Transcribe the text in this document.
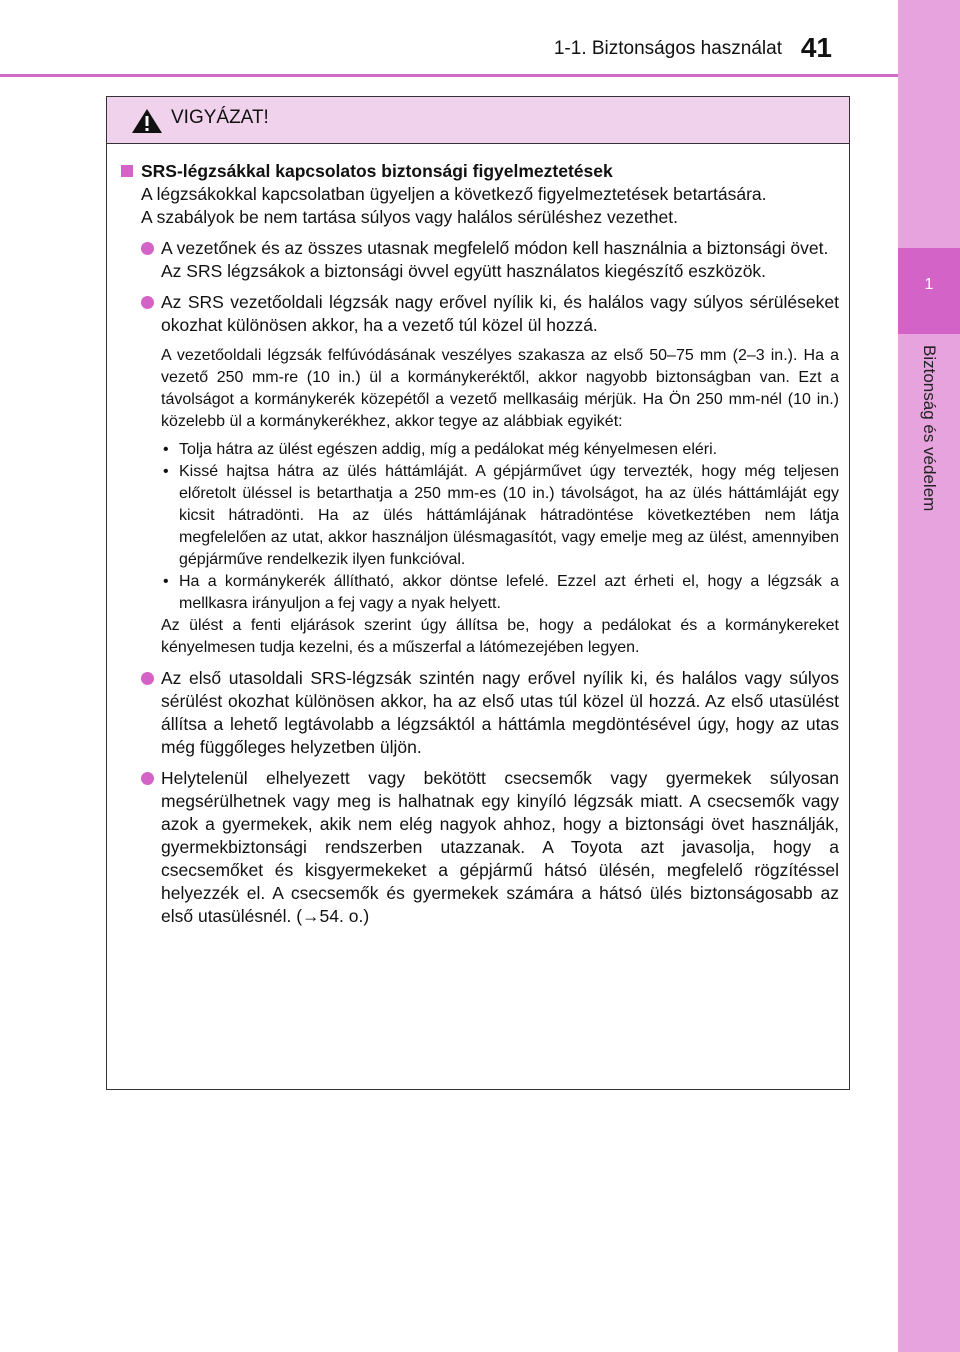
1-1. Biztonságos használat 41
1
Biztonság és védelem
VIGYÁZAT!
SRS-légzsákkal kapcsolatos biztonsági figyelmeztetések

A légzsákokkal kapcsolatban ügyeljen a következő figyelmeztetések betartására.

A szabályok be nem tartása súlyos vagy halálos sérüléshez vezethet.

A vezetőnek és az összes utasnak megfelelő módon kell használnia a biztonsági övet.

Az SRS légzsákok a biztonsági övvel együtt használatos kiegészítő eszközök.

Az SRS vezetőoldali légzsák nagy erővel nyílik ki, és halálos vagy súlyos sérüléseket okozhat különösen akkor, ha a vezető túl közel ül hozzá.

A vezetőoldali légzsák felfúvódásának veszélyes szakasza az első 50–75 mm (2–3 in.). Ha a vezető 250 mm-re (10 in.) ül a kormánykeréktől, akkor nagyobb biztonságban van. Ezt a távolságot a kormánykerék közepétől a vezető mellkasáig mérjük. Ha Ön 250 mm-nél (10 in.) közelebb ül a kormánykerékhez, akkor tegye az alábbiak egyikét:
• Tolja hátra az ülést egészen addig, míg a pedálokat még kényelmesen eléri.
• Kissé hajtsa hátra az ülés háttámláját. A gépjárművet úgy tervezték, hogy még teljesen előretolt üléssel is betarthatja a 250 mm-es (10 in.) távolságot, ha az ülés háttámláját egy kicsit hátradönti. Ha az ülés háttámlájának hátradöntése következtében nem látja megfelelően az utat, akkor használjon ülésmagasítót, vagy emelje meg az ülést, amennyiben gépjárműve rendelkezik ilyen funkcióval.
• Ha a kormánykerék állítható, akkor döntse lefelé. Ezzel azt érheti el, hogy a légzsák a mellkasra irányuljon a fej vagy a nyak helyett.
Az ülést a fenti eljárások szerint úgy állítsa be, hogy a pedálokat és a kormánykereket kényelmesen tudja kezelni, és a műszerfal a látómezejében legyen.

Az első utasoldali SRS-légzsák szintén nagy erővel nyílik ki, és halálos vagy súlyos sérülést okozhat különösen akkor, ha az első utas túl közel ül hozzá. Az első utasülést állítsa a lehető legtávolabb a légzsáktól a háttámla megdöntésével úgy, hogy az utas még függőleges helyzetben üljön.

Helytelenül elhelyezett vagy bekötött csecsemők vagy gyermekek súlyosan megsérülhetnek vagy meg is halhatnak egy kinyíló légzsák miatt. A csecsemők vagy azok a gyermekek, akik nem elég nagyok ahhoz, hogy a biztonsági övet használják, gyermekbiztonsági rendszerben utazzanak. A Toyota azt javasolja, hogy a csecsemőket és kisgyermekeket a gépjármű hátsó ülésén, megfelelő rögzítéssel helyezzék el. A csecsemők és gyermekek számára a hátsó ülés biztonságosabb az első utasülésnél. (→54. o.)
